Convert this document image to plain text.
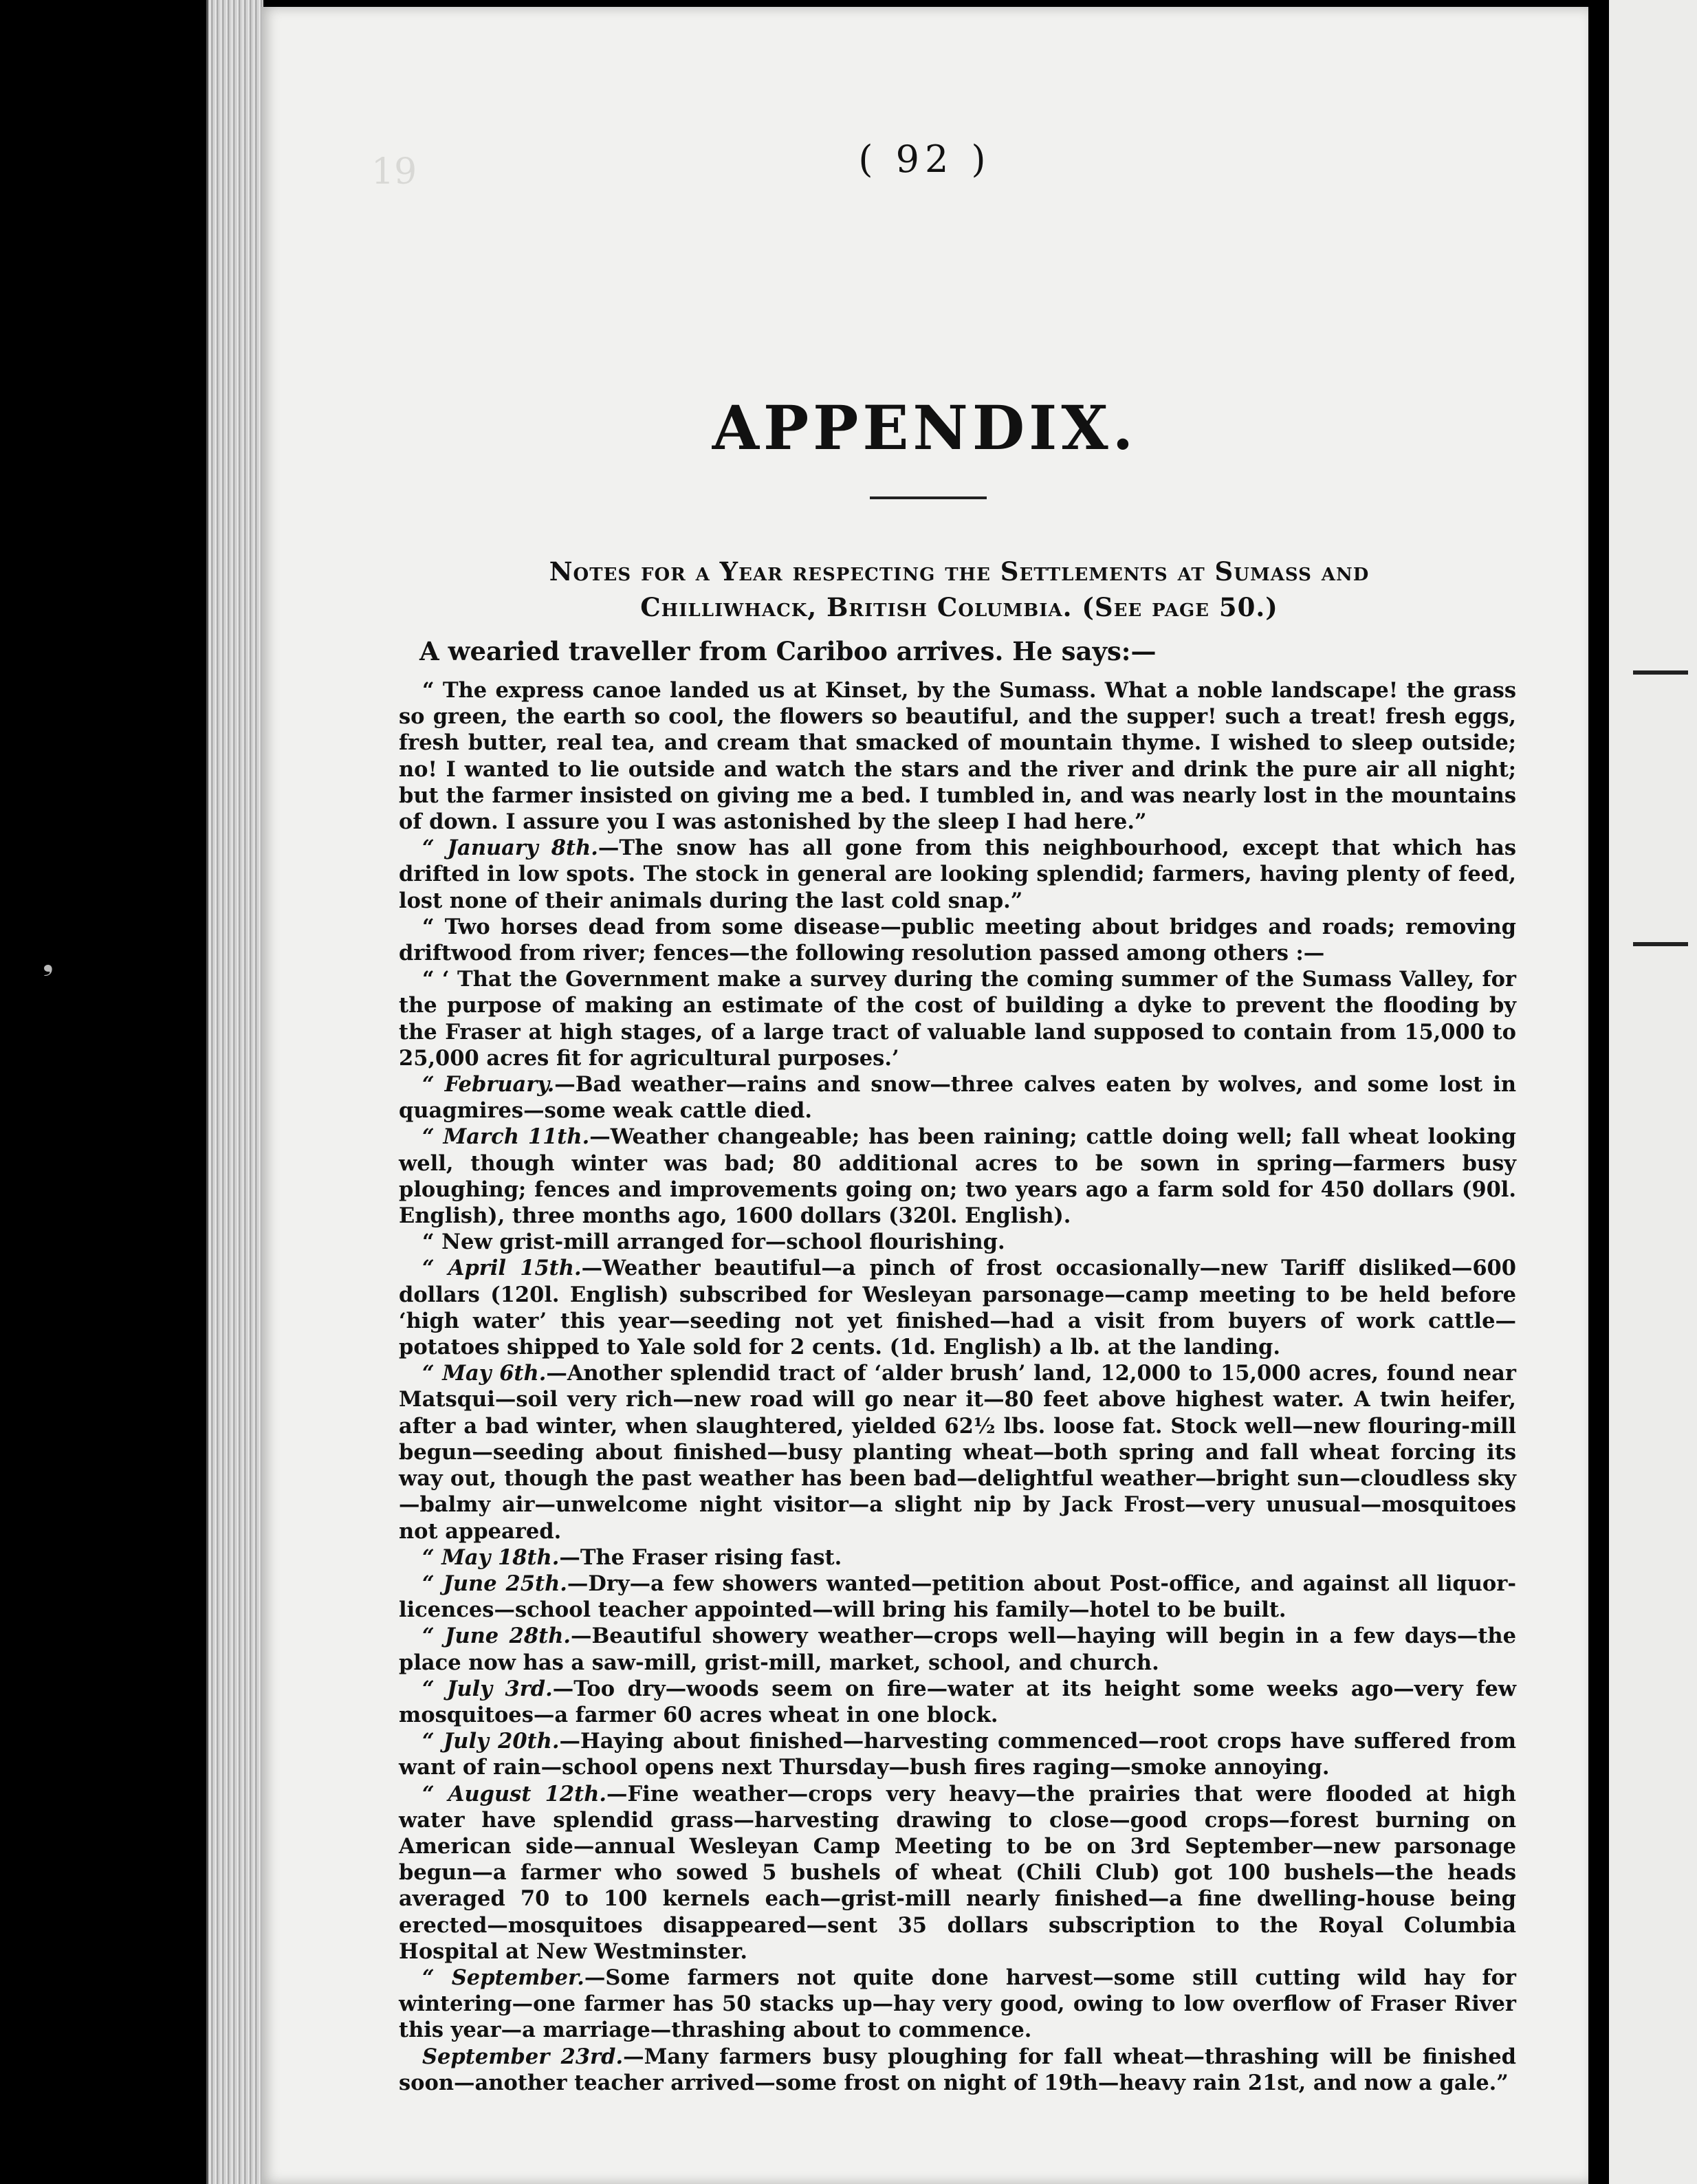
❟
19	( 92 )
APPENDIX.
Notes for a Year respecting the Settlements at Sumass and
Chilliwhack, British Columbia. (See page 50.)
A wearied traveller from Cariboo arrives. He says:—

“ The express canoe landed us at Kinset, by the Sumass. What a noble landscape! the grass so green, the earth so cool, the flowers so beautiful, and the supper! such a treat! fresh eggs, fresh butter, real tea, and cream that smacked of mountain thyme. I wished to sleep outside; no! I wanted to lie outside and watch the stars and the river and drink the pure air all night; but the farmer insisted on giving me a bed. I tumbled in, and was nearly lost in the mountains of down. I assure you I was astonished by the sleep I had here.”

“ January 8th.—The snow has all gone from this neighbourhood, except that which has drifted in low spots. The stock in general are looking splendid; farmers, having plenty of feed, lost none of their animals during the last cold snap.”

“ Two horses dead from some disease—public meeting about bridges and roads; removing driftwood from river; fences—the following resolution passed among others :—

“ ‘ That the Government make a survey during the coming summer of the Sumass Valley, for the purpose of making an estimate of the cost of building a dyke to prevent the flooding by the Fraser at high stages, of a large tract of valuable land supposed to contain from 15,000 to 25,000 acres fit for agricultural purposes.’

“ February.—Bad weather—rains and snow—three calves eaten by wolves, and some lost in quagmires—some weak cattle died.

“ March 11th.—Weather changeable; has been raining; cattle doing well; fall wheat looking well, though winter was bad; 80 additional acres to be sown in spring—farmers busy ploughing; fences and improvements going on; two years ago a farm sold for 450 dollars (90l. English), three months ago, 1600 dollars (320l. English).

“ New grist-mill arranged for—school flourishing.

“ April 15th.—Weather beautiful—a pinch of frost occasionally—new Tariff disliked—600 dollars (120l. English) subscribed for Wesleyan parsonage—camp meeting to be held before ‘high water’ this year—seeding not yet finished—had a visit from buyers of work cattle—potatoes shipped to Yale sold for 2 cents. (1d. English) a lb. at the landing.

“ May 6th.—Another splendid tract of ‘alder brush’ land, 12,000 to 15,000 acres, found near Matsqui—soil very rich—new road will go near it—80 feet above highest water. A twin heifer, after a bad winter, when slaughtered, yielded 62½ lbs. loose fat. Stock well—new flouring-mill begun—seeding about finished—busy planting wheat—both spring and fall wheat forcing its way out, though the past weather has been bad—delightful weather—bright sun—cloudless sky—balmy air—unwelcome night visitor—a slight nip by Jack Frost—very unusual—mosquitoes not appeared.

“ May 18th.—The Fraser rising fast.

“ June 25th.—Dry—a few showers wanted—petition about Post-office, and against all liquor-licences—school teacher appointed—will bring his family—hotel to be built.

“ June 28th.—Beautiful showery weather—crops well—haying will begin in a few days—the place now has a saw-mill, grist-mill, market, school, and church.

“ July 3rd.—Too dry—woods seem on fire—water at its height some weeks ago—very few mosquitoes—a farmer 60 acres wheat in one block.

“ July 20th.—Haying about finished—harvesting commenced—root crops have suffered from want of rain—school opens next Thursday—bush fires raging—smoke annoying.

“ August 12th.—Fine weather—crops very heavy—the prairies that were flooded at high water have splendid grass—harvesting drawing to close—good crops—forest burning on American side—annual Wesleyan Camp Meeting to be on 3rd September—new parsonage begun—a farmer who sowed 5 bushels of wheat (Chili Club) got 100 bushels—the heads averaged 70 to 100 kernels each—grist-mill nearly finished—a fine dwelling-house being erected—mosquitoes disappeared—sent 35 dollars subscription to the Royal Columbia Hospital at New Westminster.

“ September.—Some farmers not quite done harvest—some still cutting wild hay for wintering—one farmer has 50 stacks up—hay very good, owing to low overflow of Fraser River this year—a marriage—thrashing about to commence.

September 23rd.—Many farmers busy ploughing for fall wheat—thrashing will be finished soon—another teacher arrived—some frost on night of 19th—heavy rain 21st, and now a gale.”
